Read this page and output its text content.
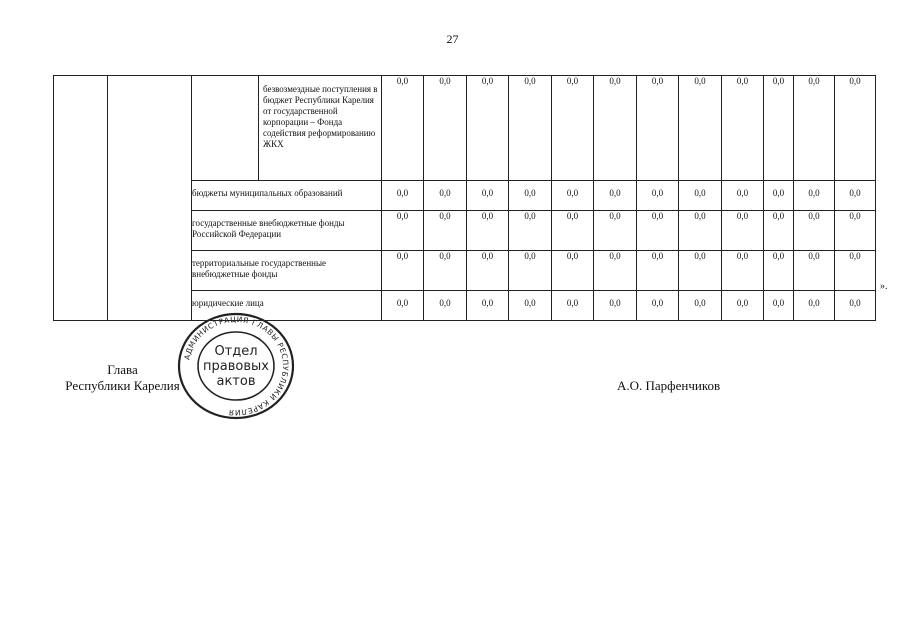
27
			безвозмездные поступления в бюджет Республики Карелия от государственной корпорации – Фонда содействия реформированию ЖКХ	0,0	0,0	0,0	0,0	0,0	0,0	0,0	0,0	0,0	0,0	0,0	0,0
		бюджеты муниципальных образований		0,0	0,0	0,0	0,0	0,0	0,0	0,0	0,0	0,0	0,0	0,0	0,0
		государственные внебюджетные фонды Российской Федерации		0,0	0,0	0,0	0,0	0,0	0,0	0,0	0,0	0,0	0,0	0,0	0,0
		территориальные государственные внебюджетные фонды		0,0	0,0	0,0	0,0	0,0	0,0	0,0	0,0	0,0	0,0	0,0	0,0
		юридические лица		0,0	0,0	0,0	0,0	0,0	0,0	0,0	0,0	0,0	0,0	0,0	0,0
».
Глава
Республики Карелия	А.О. Парфенчиков
АДМИНИСТРАЦИЯ ГЛАВЫ РЕСПУБЛИКИ КАРЕЛИЯ
Отдел
правовых
актов
